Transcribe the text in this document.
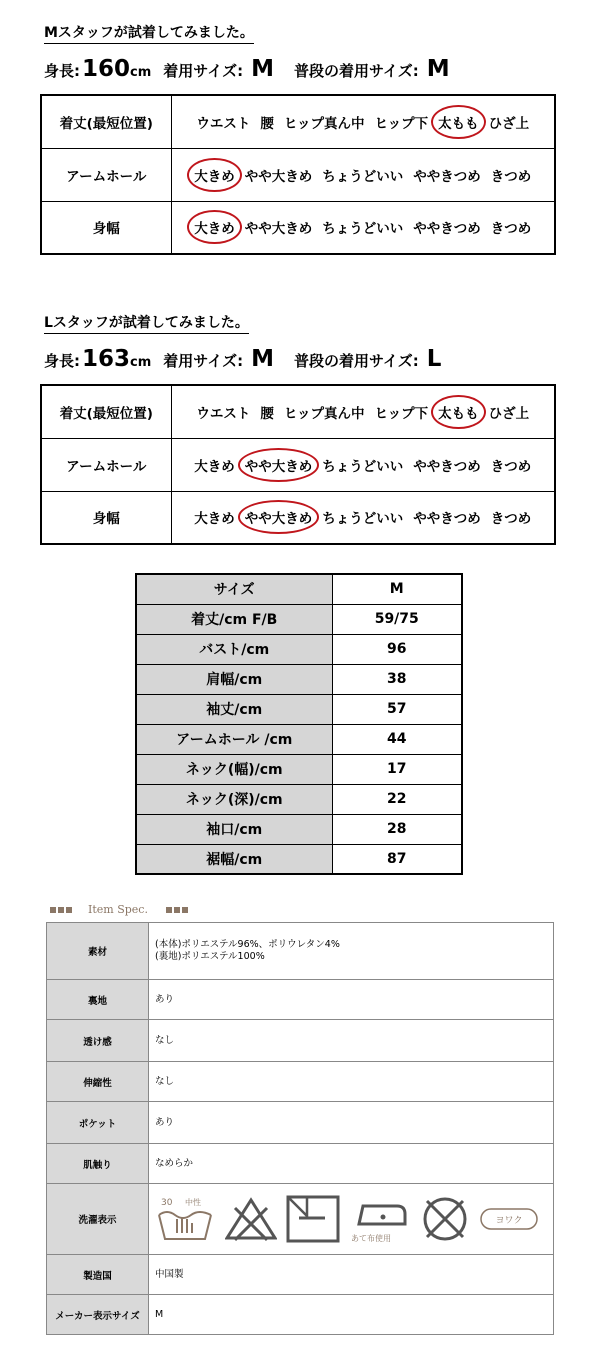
Mスタッフが試着してみました。
身長: 160 cm 着用サイズ: M 普段の着用サイズ: M
着丈(最短位置)	ウエスト 腰 ヒップ真ん中 ヒップ下 太もも ひざ上
アームホール	大きめ やや大きめ ちょうどいい ややきつめ きつめ
身幅	大きめ やや大きめ ちょうどいい ややきつめ きつめ
Lスタッフが試着してみました。
身長: 163 cm 着用サイズ: M 普段の着用サイズ: L
着丈(最短位置)	ウエスト 腰 ヒップ真ん中 ヒップ下 太もも ひざ上
アームホール	大きめ やや大きめ ちょうどいい ややきつめ きつめ
身幅	大きめ やや大きめ ちょうどいい ややきつめ きつめ
サイズ	M
着丈/cm F/B	59/75
バスト/cm	96
肩幅/cm	38
袖丈/cm	57
アームホール /cm	44
ネック(幅)/cm	17
ネック(深)/cm	22
袖口/cm	28
裾幅/cm	87
Item Spec.
素材	(本体)ポリエステル96%、ポリウレタン4%
(裏地)ポリエステル100%

裏地	あり

透け感	なし

伸縮性	なし

ポケット	あり

肌触り	なめらか

洗濯表示	30 中性
あて布使用
ヨワク

製造国	中国製

メーカー表示サイズ	M
